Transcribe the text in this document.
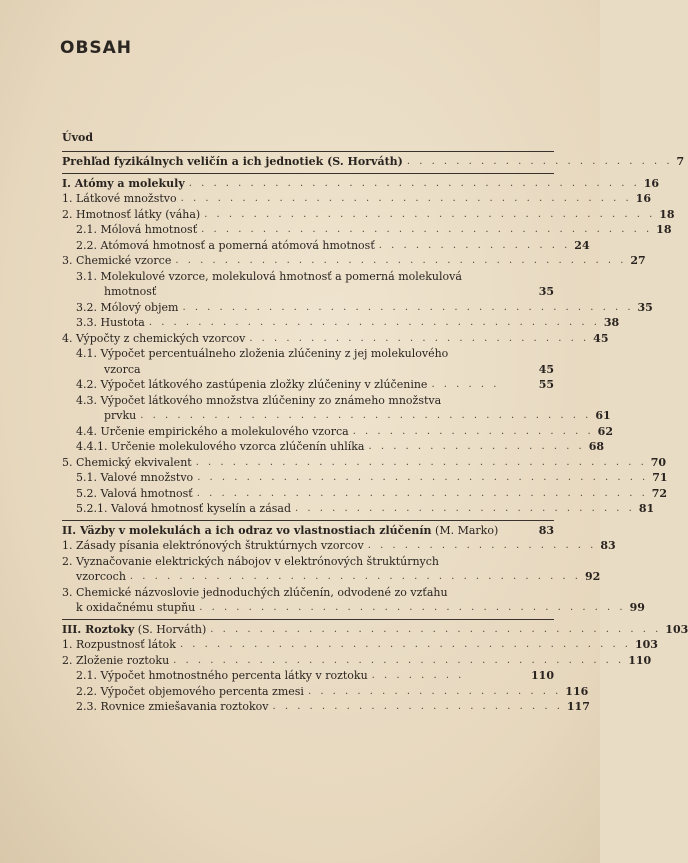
OBSAH
Úvod
Prehľad fyzikálnych veličín a ich jednotiek (S. Horváth) . . . . . . . . . . . . . . . . . . . . . . 7
I. Atómy a molekuly . . . . . . . . . . . . . . . . . . . . . . . . . . . . . . . . . . . . . 16
1. Látkové množstvo . . . . . . . . . . . . . . . . . . . . . . . . . . . . . . . . . . . . . 16
2. Hmotnosť látky (váha) . . . . . . . . . . . . . . . . . . . . . . . . . . . . . . . . . . . . . 18
2.1. Mólová hmotnosť . . . . . . . . . . . . . . . . . . . . . . . . . . . . . . . . . . . . . 18
2.2. Atómová hmotnosť a pomerná atómová hmotnosť . . . . . . . . . . . . . . . . 24
3. Chemické vzorce . . . . . . . . . . . . . . . . . . . . . . . . . . . . . . . . . . . . . 27
3.1. Molekulové vzorce, molekulová hmotnosť a pomerná molekulová
hmotnosť	35
3.2. Mólový objem . . . . . . . . . . . . . . . . . . . . . . . . . . . . . . . . . . . . . 35
3.3. Hustota . . . . . . . . . . . . . . . . . . . . . . . . . . . . . . . . . . . . . 38
4. Výpočty z chemických vzorcov . . . . . . . . . . . . . . . . . . . . . . . . . . . . 45
4.1. Výpočet percentuálneho zloženia zlúčeniny z jej molekulového
vzorca	45
4.2. Výpočet látkového zastúpenia zložky zlúčeniny v zlúčenine . . . . . .	55
4.3. Výpočet látkového množstva zlúčeniny zo známeho množstva
prvku . . . . . . . . . . . . . . . . . . . . . . . . . . . . . . . . . . . . . 61
4.4. Určenie empirického a molekulového vzorca . . . . . . . . . . . . . . . . . . . . 62
4.4.1. Určenie molekulového vzorca zlúčenín uhlíka . . . . . . . . . . . . . . . . . . 68
5. Chemický ekvivalent . . . . . . . . . . . . . . . . . . . . . . . . . . . . . . . . . . . . . 70
5.1. Valové množstvo . . . . . . . . . . . . . . . . . . . . . . . . . . . . . . . . . . . . . 71
5.2. Valová hmotnosť . . . . . . . . . . . . . . . . . . . . . . . . . . . . . . . . . . . . . 72
5.2.1. Valová hmotnosť kyselín a zásad . . . . . . . . . . . . . . . . . . . . . . . . . . . . 81
II. Väzby v molekulách a ich odraz vo vlastnostiach zlúčenín (M. Marko)	83
1. Zásady písania elektrónových štruktúrnych vzorcov . . . . . . . . . . . . . . . . . . . 83
2. Vyznačovanie elektrických nábojov v elektrónových štruktúrnych
vzorcoch . . . . . . . . . . . . . . . . . . . . . . . . . . . . . . . . . . . . . 92
3. Chemické názvoslovie jednoduchých zlúčenín, odvodené zo vzťahu
k oxidačnému stupňu . . . . . . . . . . . . . . . . . . . . . . . . . . . . . . . . . . . 99
III. Roztoky (S. Horváth) . . . . . . . . . . . . . . . . . . . . . . . . . . . . . . . . . . . . . 103
1. Rozpustnosť látok . . . . . . . . . . . . . . . . . . . . . . . . . . . . . . . . . . . . . 103
2. Zloženie roztoku . . . . . . . . . . . . . . . . . . . . . . . . . . . . . . . . . . . . . 110
2.1. Výpočet hmotnostného percenta látky v roztoku . . . . . . . .	110
2.2. Výpočet objemového percenta zmesi . . . . . . . . . . . . . . . . . . . . . 116
2.3. Rovnice zmiešavania roztokov . . . . . . . . . . . . . . . . . . . . . . . . 117
